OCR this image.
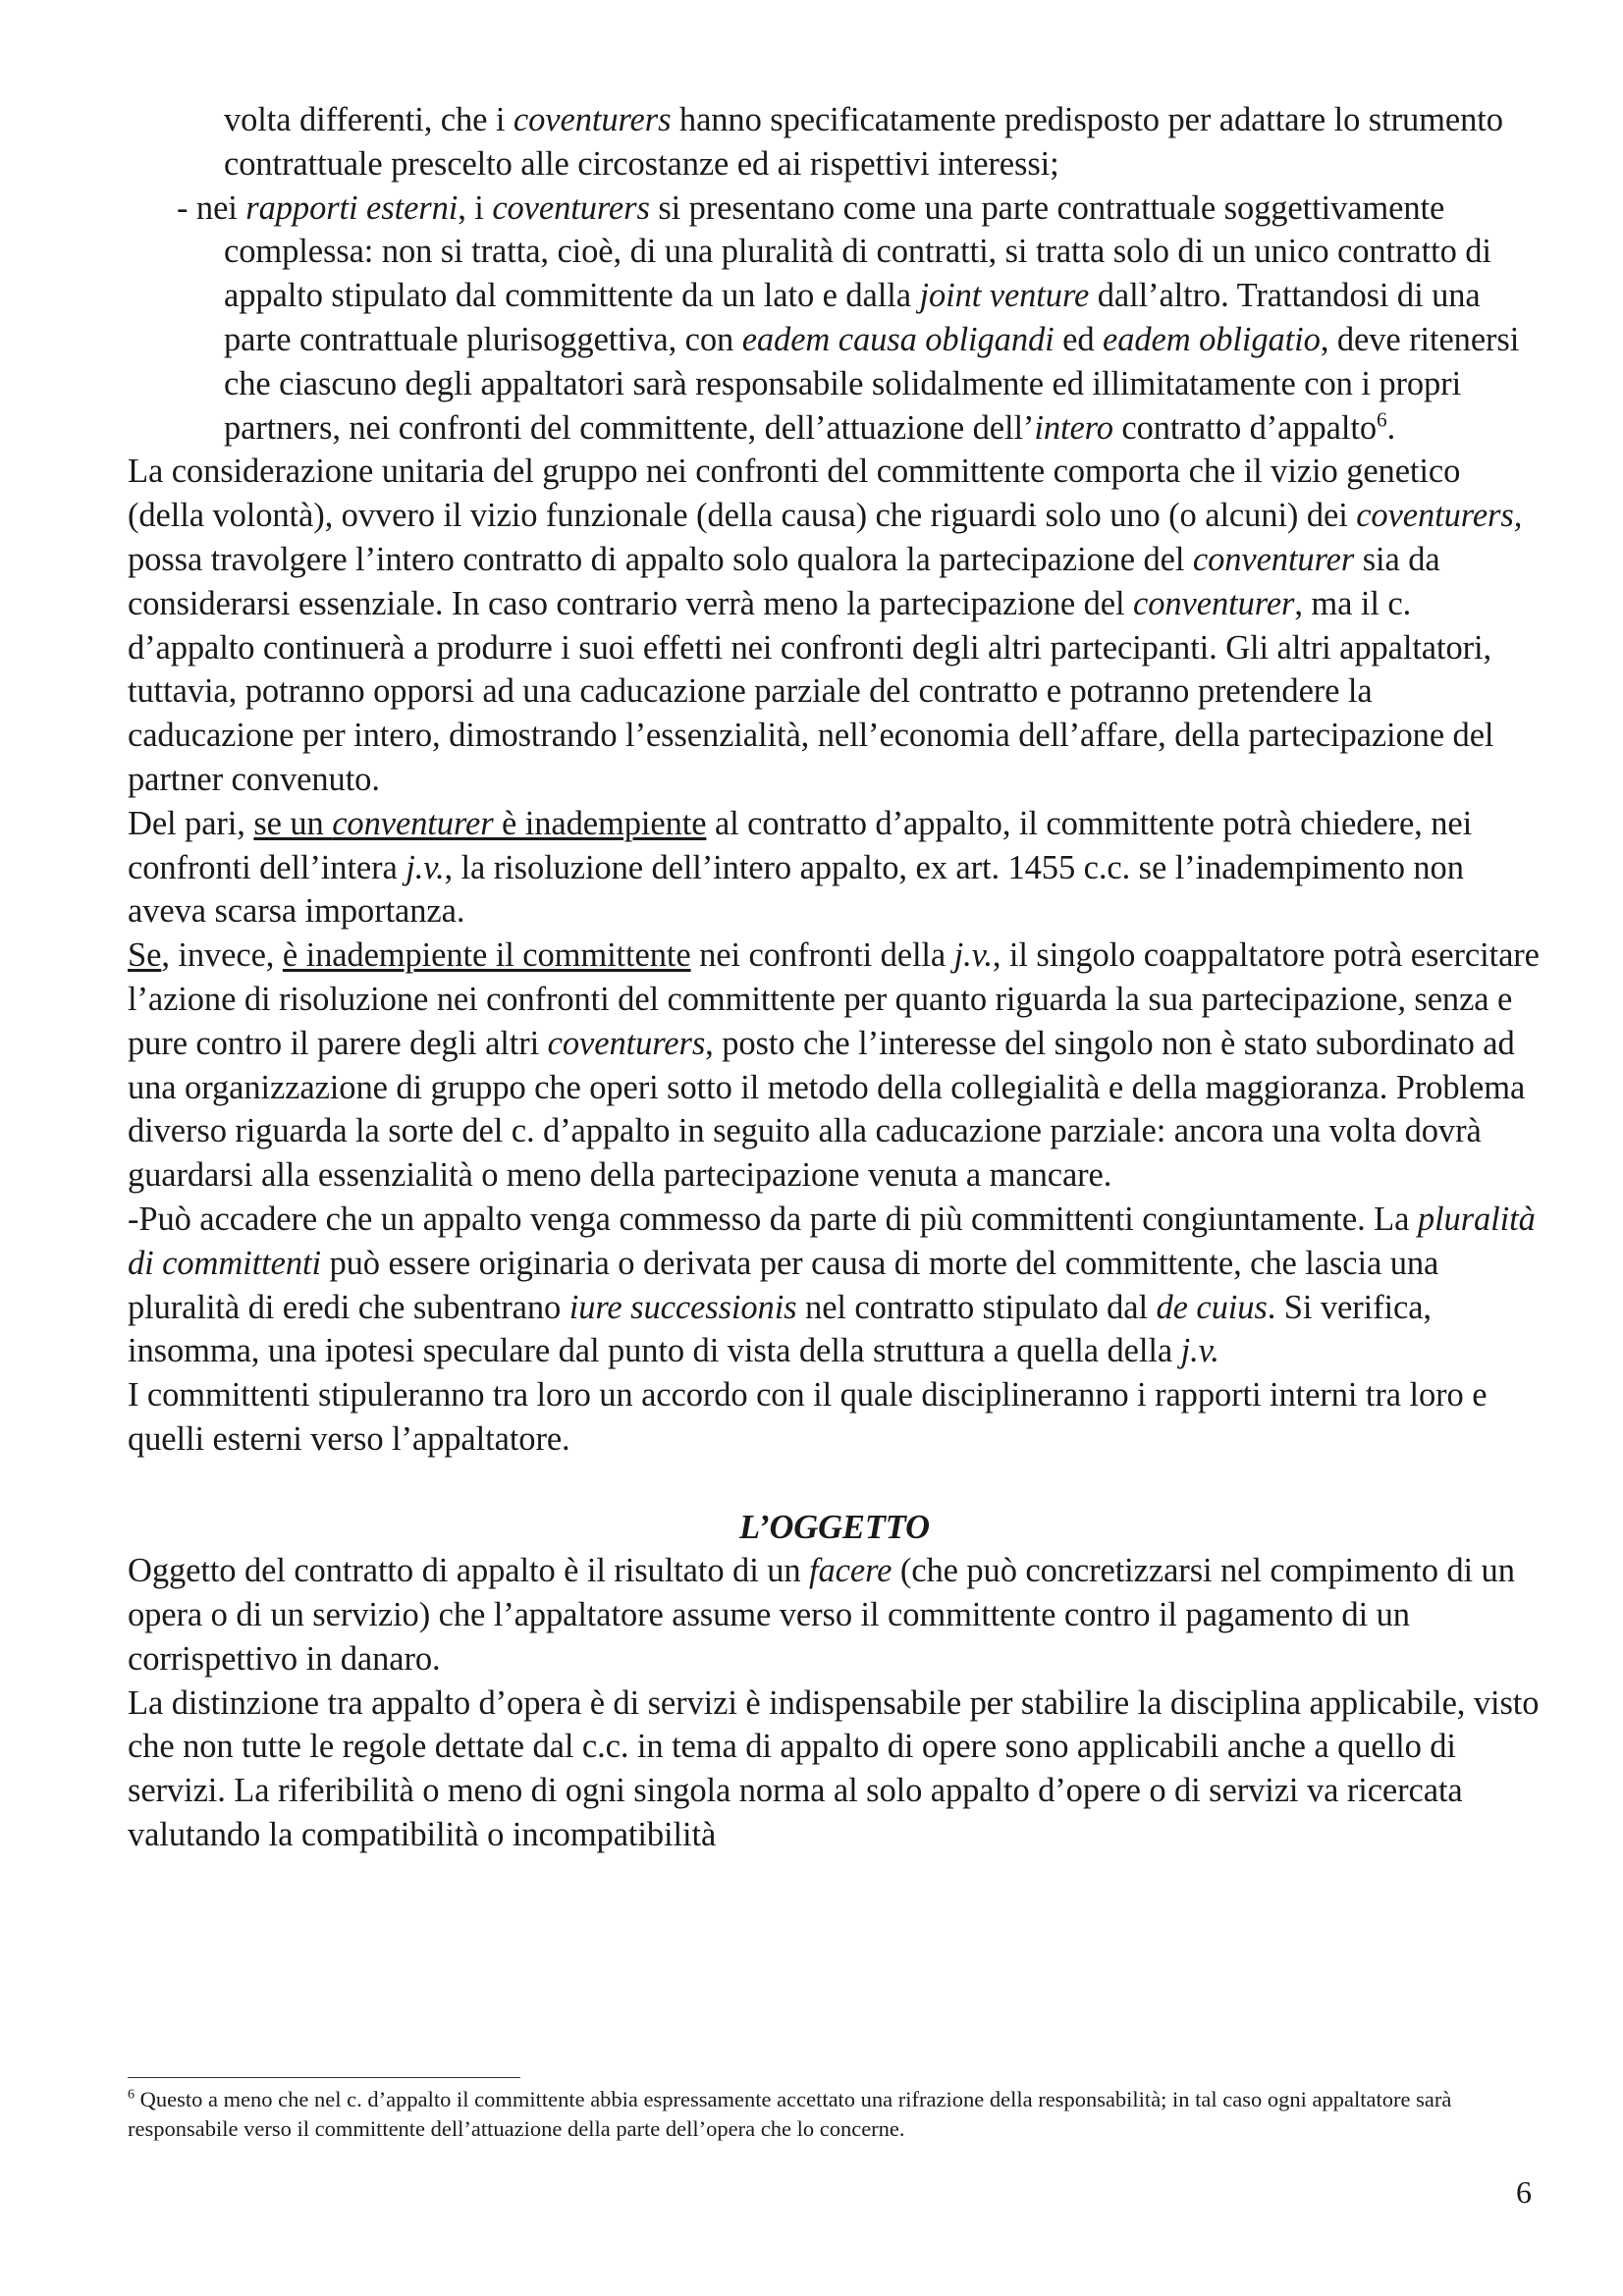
volta differenti, che i coventurers hanno specificatamente predisposto per adattare lo strumento contrattuale prescelto alle circostanze ed ai rispettivi interessi;

- nei rapporti esterni, i coventurers si presentano come una parte contrattuale soggettivamente complessa: non si tratta, cioè, di una pluralità di contratti, si tratta solo di un unico contratto di appalto stipulato dal committente da un lato e dalla joint venture dall’altro. Trattandosi di una parte contrattuale plurisoggettiva, con eadem causa obligandi ed eadem obligatio, deve ritenersi che ciascuno degli appaltatori sarà responsabile solidalmente ed illimitatamente con i propri partners, nei confronti del committente, dell’attuazione dell’intero contratto d’appalto$^6$.

La considerazione unitaria del gruppo nei confronti del committente comporta che il vizio genetico (della volontà), ovvero il vizio funzionale (della causa) che riguardi solo uno (o alcuni) dei coventurers, possa travolgere l’intero contratto di appalto solo qualora la partecipazione del conventurer sia da considerarsi essenziale. In caso contrario verrà meno la partecipazione del conventurer, ma il c. d’appalto continuerà a produrre i suoi effetti nei confronti degli altri partecipanti. Gli altri appaltatori, tuttavia, potranno opporsi ad una caducazione parziale del contratto e potranno pretendere la caducazione per intero, dimostrando l’essenzialità, nell’economia dell’affare, della partecipazione del partner convenuto.

Del pari, se un conventurer è inadempiente al contratto d’appalto, il committente potrà chiedere, nei confronti dell’intera j.v., la risoluzione dell’intero appalto, ex art. 1455 c.c. se l’inadempimento non aveva scarsa importanza.

Se, invece, è inadempiente il committente nei confronti della j.v., il singolo coappaltatore potrà esercitare l’azione di risoluzione nei confronti del committente per quanto riguarda la sua partecipazione, senza e pure contro il parere degli altri coventurers, posto che l’interesse del singolo non è stato subordinato ad una organizzazione di gruppo che operi sotto il metodo della collegialità e della maggioranza. Problema diverso riguarda la sorte del c. d’appalto in seguito alla caducazione parziale: ancora una volta dovrà guardarsi alla essenzialità o meno della partecipazione venuta a mancare.

-Può accadere che un appalto venga commesso da parte di più committenti congiuntamente. La pluralità di committenti può essere originaria o derivata per causa di morte del committente, che lascia una pluralità di eredi che subentrano iure successionis nel contratto stipulato dal de cuius. Si verifica, insomma, una ipotesi speculare dal punto di vista della struttura a quella della j.v.

I committenti stipuleranno tra loro un accordo con il quale disciplineranno i rapporti interni tra loro e quelli esterni verso l’appaltatore.

L’OGGETTO

Oggetto del contratto di appalto è il risultato di un facere (che può concretizzarsi nel compimento di un opera o di un servizio) che l’appaltatore assume verso il committente contro il pagamento di un corrispettivo in danaro.

La distinzione tra appalto d’opera è di servizi è indispensabile per stabilire la disciplina applicabile, visto che non tutte le regole dettate dal c.c. in tema di appalto di opere sono applicabili anche a quello di servizi. La riferibilità o meno di ogni singola norma al solo appalto d’opere o di servizi va ricercata valutando la compatibilità o incompatibilità

$^6$ Questo a meno che nel c. d’appalto il committente abbia espressamente accettato una rifrazione della responsabilità; in tal caso ogni appaltatore sarà responsabile verso il committente dell’attuazione della parte dell’opera che lo concerne.
6
